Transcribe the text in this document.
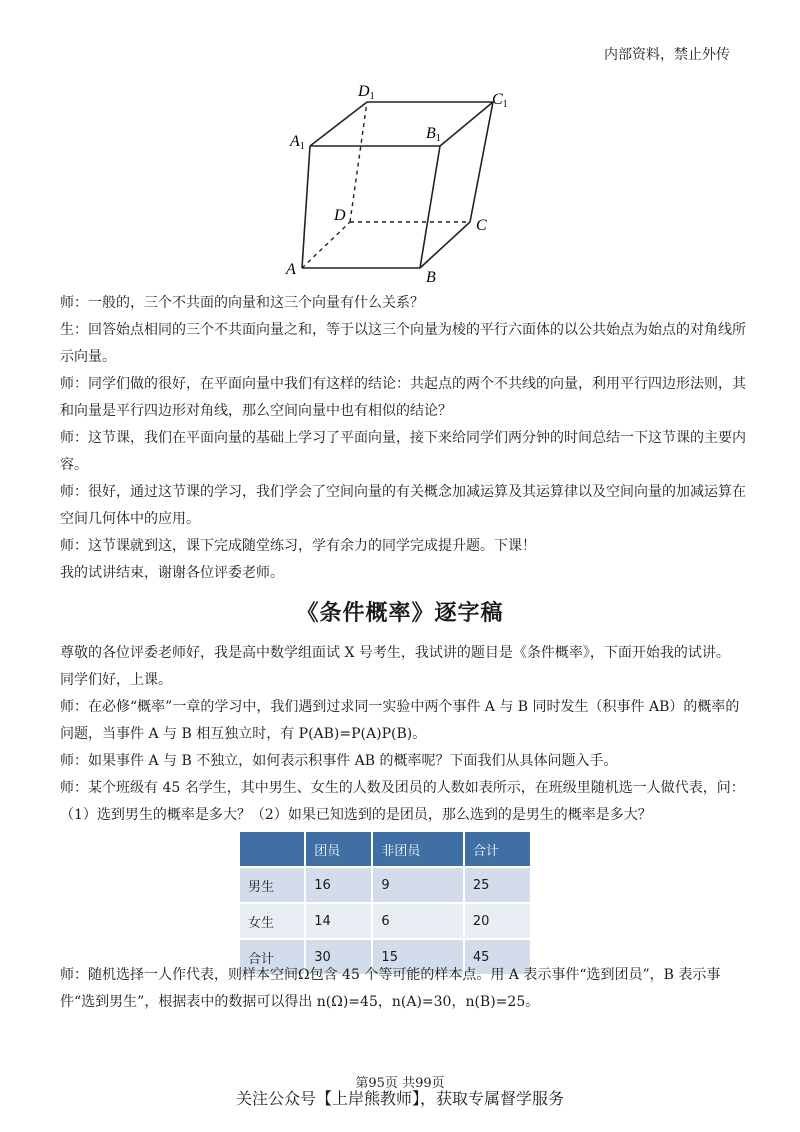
内部资料，禁止外传
D1	C1
A1
B1
D
C
A	B

师：一般的，三个不共面的向量和这三个向量有什么关系？

生：回答始点相同的三个不共面向量之和，等于以这三个向量为棱的平行六面体的以公共始点为始点的对角线所示向量。

师：同学们做的很好，在平面向量中我们有这样的结论：共起点的两个不共线的向量，利用平行四边形法则，其和向量是平行四边形对角线，那么空间向量中也有相似的结论？

师：这节课，我们在平面向量的基础上学习了平面向量，接下来给同学们两分钟的时间总结一下这节课的主要内容。

师：很好，通过这节课的学习，我们学会了空间向量的有关概念加减运算及其运算律以及空间向量的加减运算在空间几何体中的应用。

师：这节课就到这，课下完成随堂练习，学有余力的同学完成提升题。下课！

我的试讲结束，谢谢各位评委老师。

《条件概率》逐字稿

尊敬的各位评委老师好，我是高中数学组面试 X 号考生，我试讲的题目是《条件概率》，下面开始我的试讲。

同学们好，上课。

师：在必修“概率”一章的学习中，我们遇到过求同一实验中两个事件 A 与 B 同时发生（积事件 AB）的概率的问题，当事件 A 与 B 相互独立时，有 P(AB)=P(A)P(B)。

师：如果事件 A 与 B 不独立，如何表示积事件 AB 的概率呢？下面我们从具体问题入手。

师：某个班级有 45 名学生，其中男生、女生的人数及团员的人数如表所示，在班级里随机选一人做代表，问：（1）选到男生的概率是多大？（2）如果已知选到的是团员，那么选到的是男生的概率是多大？

	团员	非团员	合计
男生	16	9	25
女生	14	6	20
合计	30	15	45

师：随机选择一人作代表，则样本空间Ω包含 45 个等可能的样本点。用 A 表示事件“选到团员”，B 表示事件“选到男生”，根据表中的数据可以得出 n(Ω)=45，n(A)=30，n(B)=25。

第95页 共99页
关注公众号【上岸熊教师】，获取专属督学服务
